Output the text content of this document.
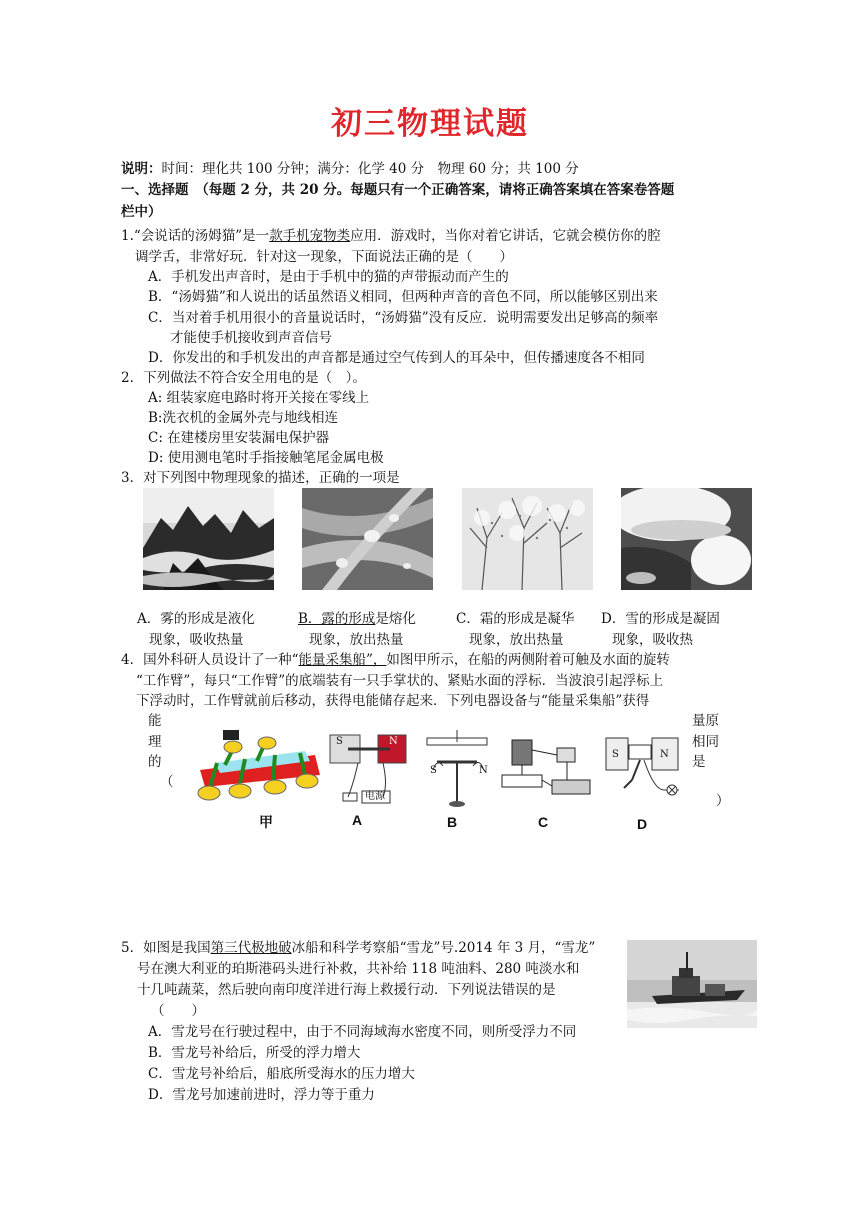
初三物理试题
说明：时间：理化共 100 分钟；满分：化学 40 分　物理 60 分；共 100 分
一、选择题　（每题 2 分，共 20 分。每题只有一个正确答案，请将正确答案填在答案卷答题
栏中）
1.“会说话的汤姆猫”是一款手机宠物类应用．游戏时，当你对着它讲话，它就会模仿你的腔
调学舌，非常好玩．针对这一现象，下面说法正确的是（　　）
A．手机发出声音时，是由于手机中的猫的声带振动而产生的
B．“汤姆猫”和人说出的话虽然语义相同，但两种声音的音色不同，所以能够区别出来
C．当对着手机用很小的音量说话时，“汤姆猫”没有反应．说明需要发出足够高的频率
才能使手机接收到声音信号
D．你发出的和手机发出的声音都是通过空气传到人的耳朵中，但传播速度各不相同
2．下列做法不符合安全用电的是（　）。
A: 组装家庭电路时将开关接在零线上
B:洗衣机的金属外壳与地线相连
C: 在建楼房里安装漏电保护器
D: 使用测电笔时手指接触笔尾金属电极
3．对下列图中物理现象的描述，正确的一项是
A．雾的形成是液化
现象，吸收热量
B．露的形成是熔化
现象，放出热量
C．霜的形成是凝华
现象，放出热量
D．雪的形成是凝固
现象，吸收热
4．国外科研人员设计了一种“能量采集船”，如图甲所示，在船的两侧附着可触及水面的旋转
“工作臂”，每只“工作臂”的底端装有一只手掌状的、紧贴水面的浮标．当波浪引起浮标上
下浮动时，工作臂就前后移动，获得电能储存起来．下列电器设备与“能量采集船”获得
能
理
的
（
量原
相同
是
）
S	N
电源
S	N
S	N
甲	A	B	C	D
5．如图是我国第三代极地破冰船和科学考察船“雪龙”号.2014 年 3 月，“雪龙”
号在澳大利亚的珀斯港码头进行补救，共补给 118 吨油料、280 吨淡水和
十几吨蔬菜，然后驶向南印度洋进行海上救援行动．下列说法错误的是
（　　）
A．雪龙号在行驶过程中，由于不同海域海水密度不同，则所受浮力不同
B．雪龙号补给后，所受的浮力增大
C．雪龙号补给后，船底所受海水的压力增大
D．雪龙号加速前进时，浮力等于重力
